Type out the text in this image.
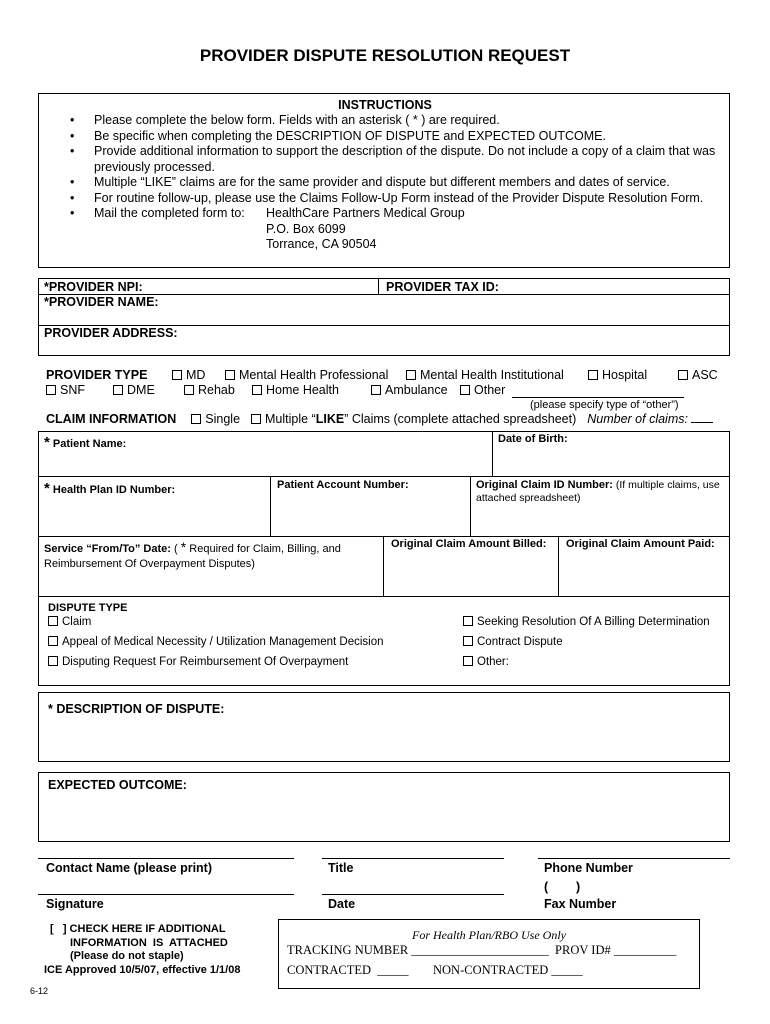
PROVIDER DISPUTE RESOLUTION REQUEST
INSTRUCTIONS
• Please complete the below form. Fields with an asterisk ( * ) are required.
• Be specific when completing the DESCRIPTION OF DISPUTE and EXPECTED OUTCOME.
• Provide additional information to support the description of the dispute. Do not include a copy of a claim that was previously processed.
• Multiple “LIKE” claims are for the same provider and dispute but different members and dates of service.
• For routine follow-up, please use the Claims Follow-Up Form instead of the Provider Dispute Resolution Form.
• Mail the completed form to: HealthCare Partners Medical Group
P.O. Box 6099
Torrance, CA 90504
*PROVIDER NPI:	PROVIDER TAX ID:
*PROVIDER NAME:
PROVIDER ADDRESS:
PROVIDER TYPE	MD	Mental Health Professional	Mental Health Institutional	Hospital	ASC
SNF	DME	Rehab	Home Health	Ambulance	Other
(please specify type of “other”)
CLAIM INFORMATION Single Multiple “LIKE” Claims (complete attached spreadsheet) Number of claims:
* Patient Name:	Date of Birth:
* Health Plan ID Number:	Patient Account Number:	Original Claim ID Number: (If multiple claims, use attached spreadsheet)
Service “From/To” Date: ( * Required for Claim, Billing, and Reimbursement Of Overpayment Disputes)
Original Claim Amount Billed: Original Claim Amount Paid:
DISPUTE TYPE
Claim
Appeal of Medical Necessity / Utilization Management Decision
Disputing Request For Reimbursement Of Overpayment
Seeking Resolution Of A Billing Determination
Contract Dispute
Other:
* DESCRIPTION OF DISPUTE:
EXPECTED OUTCOME:
Contact Name (please print)	Title	Phone Number
(        )
Signature	Date	Fax Number
[   ] CHECK HERE IF ADDITIONAL
INFORMATION  IS  ATTACHED
(Please do not staple)
ICE Approved 10/5/07, effective 1/1/08
6-12
For Health Plan/RBO Use Only
TRACKING NUMBER ______________________  PROV ID# __________
CONTRACTED  _____ NON-CONTRACTED _____
